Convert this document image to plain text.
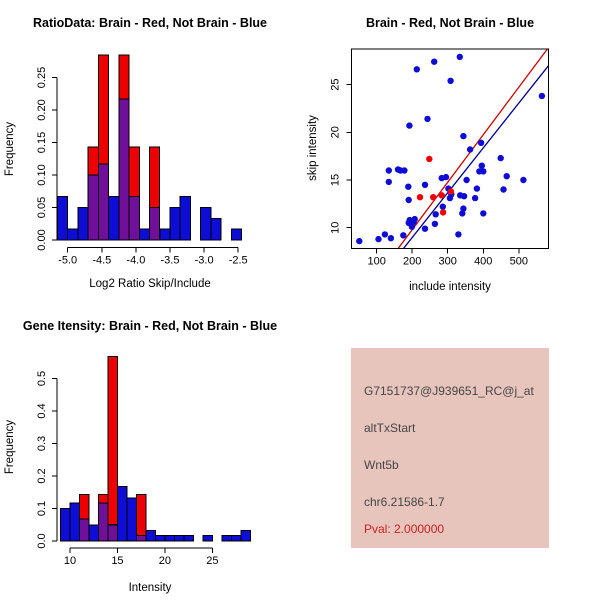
RatioData: Brain - Red, Not Brain - Blue
Log2 Ratio Skip/Include
Frequency
-5.0 -4.5 -4.0 -3.5 -3.0 -2.5
0.00
0.05
0.10
0.15
0.20
0.25
Brain - Red, Not Brain - Blue
include intensity
skip intensity
100 200 300 400 500
10
15
20
25
Gene Itensity: Brain - Red, Not Brain - Blue
Intensity
Frequency
10	15	20	25
0.0
0.1
0.2
0.3
0.4
0.5
G7151737@J939651_RC@j_at
altTxStart
Wnt5b
chr6.21586-1.7
Pval: 2.000000
